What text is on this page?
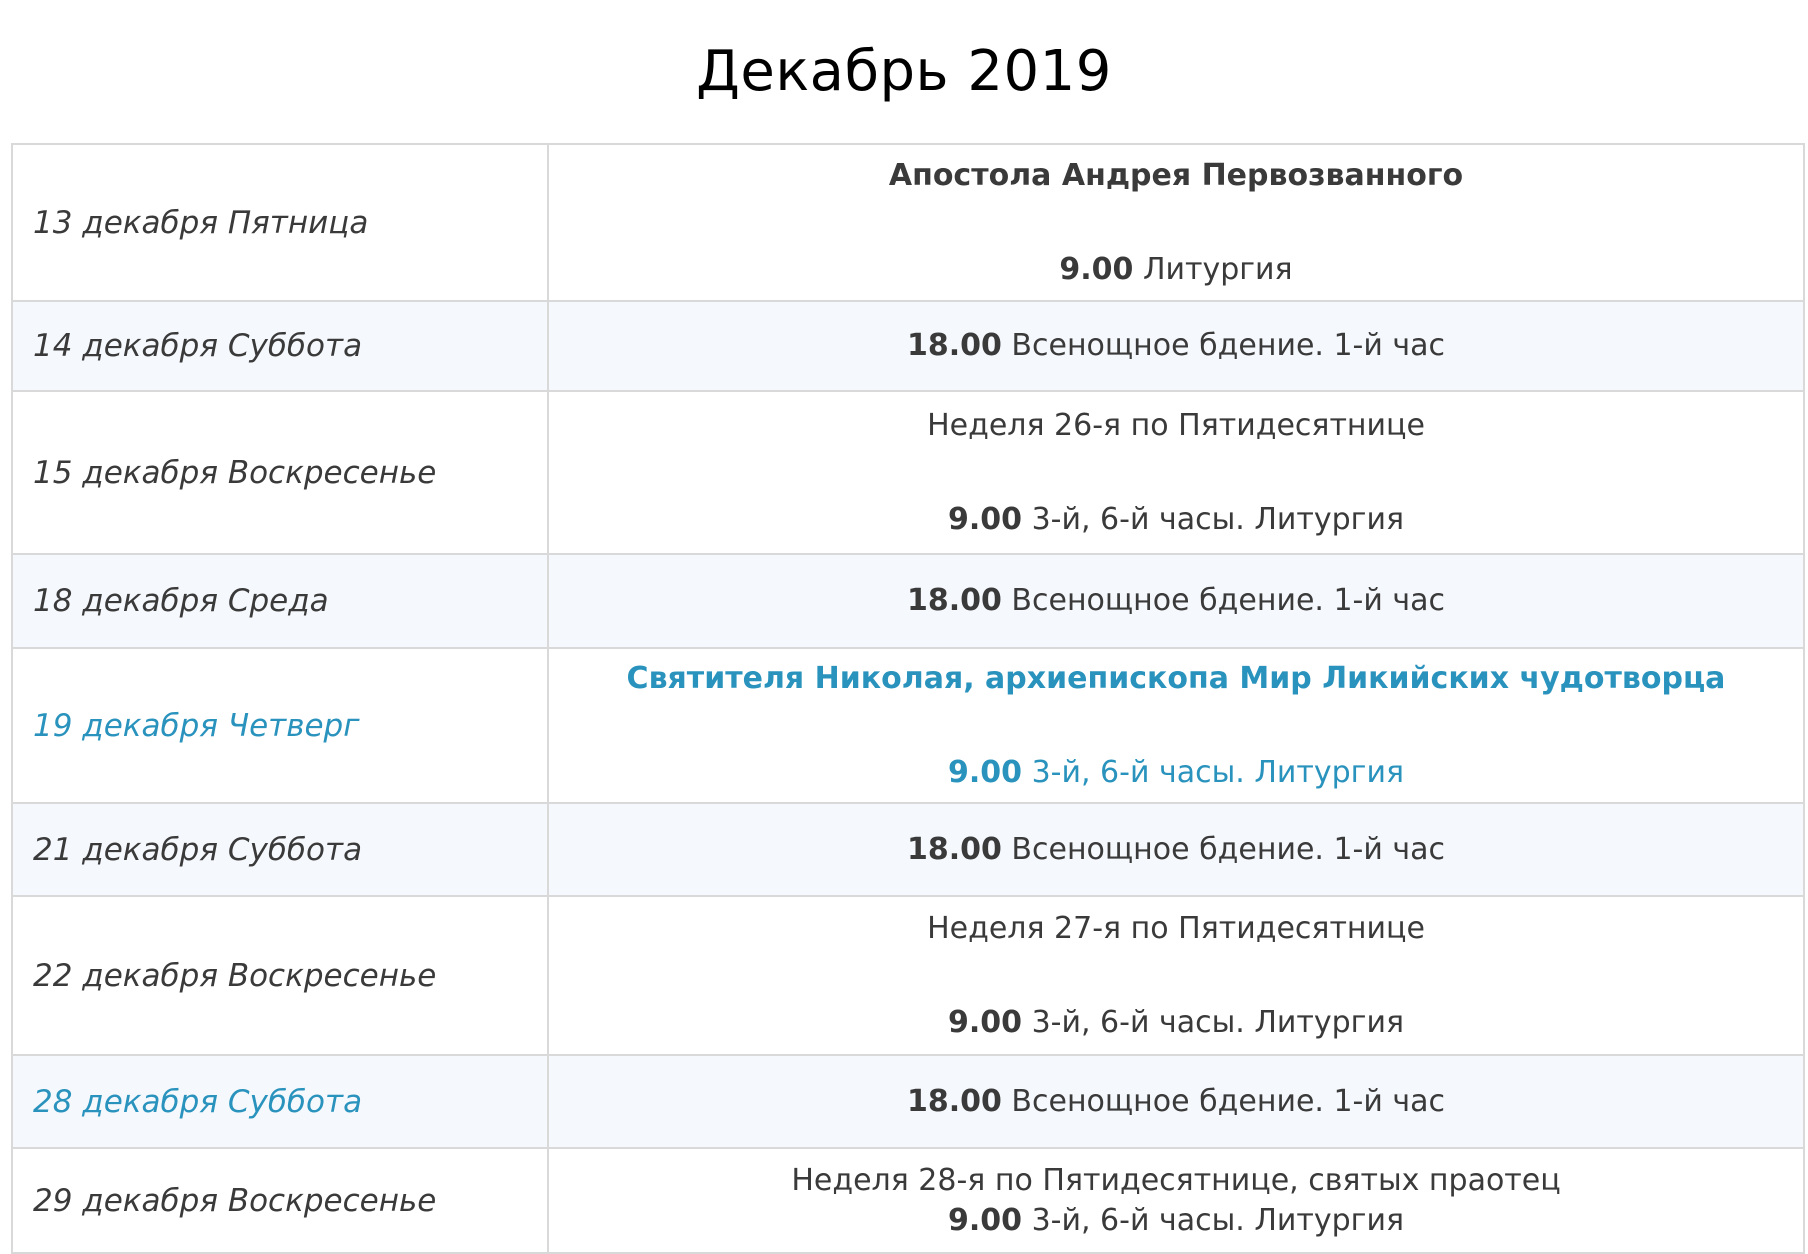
Декабрь 2019
13 декабря Пятница	Апостола Андрея Первозванного
9.00 Литургия

14 декабря Суббота	18.00 Всенощное бдение. 1-й час

15 декабря Воскресенье	Неделя 26-я по Пятидесятнице
9.00 3-й, 6-й часы. Литургия

18 декабря Среда	18.00 Всенощное бдение. 1-й час

19 декабря Четверг	Святителя Николая, архиепископа Мир Ликийских чудотворца
9.00 3-й, 6-й часы. Литургия

21 декабря Суббота	18.00 Всенощное бдение. 1-й час

22 декабря Воскресенье	Неделя 27-я по Пятидесятнице
9.00 3-й, 6-й часы. Литургия

28 декабря Суббота	18.00 Всенощное бдение. 1-й час

29 декабря Воскресенье	Неделя 28-я по Пятидесятнице, святых праотец
9.00 3-й, 6-й часы. Литургия
